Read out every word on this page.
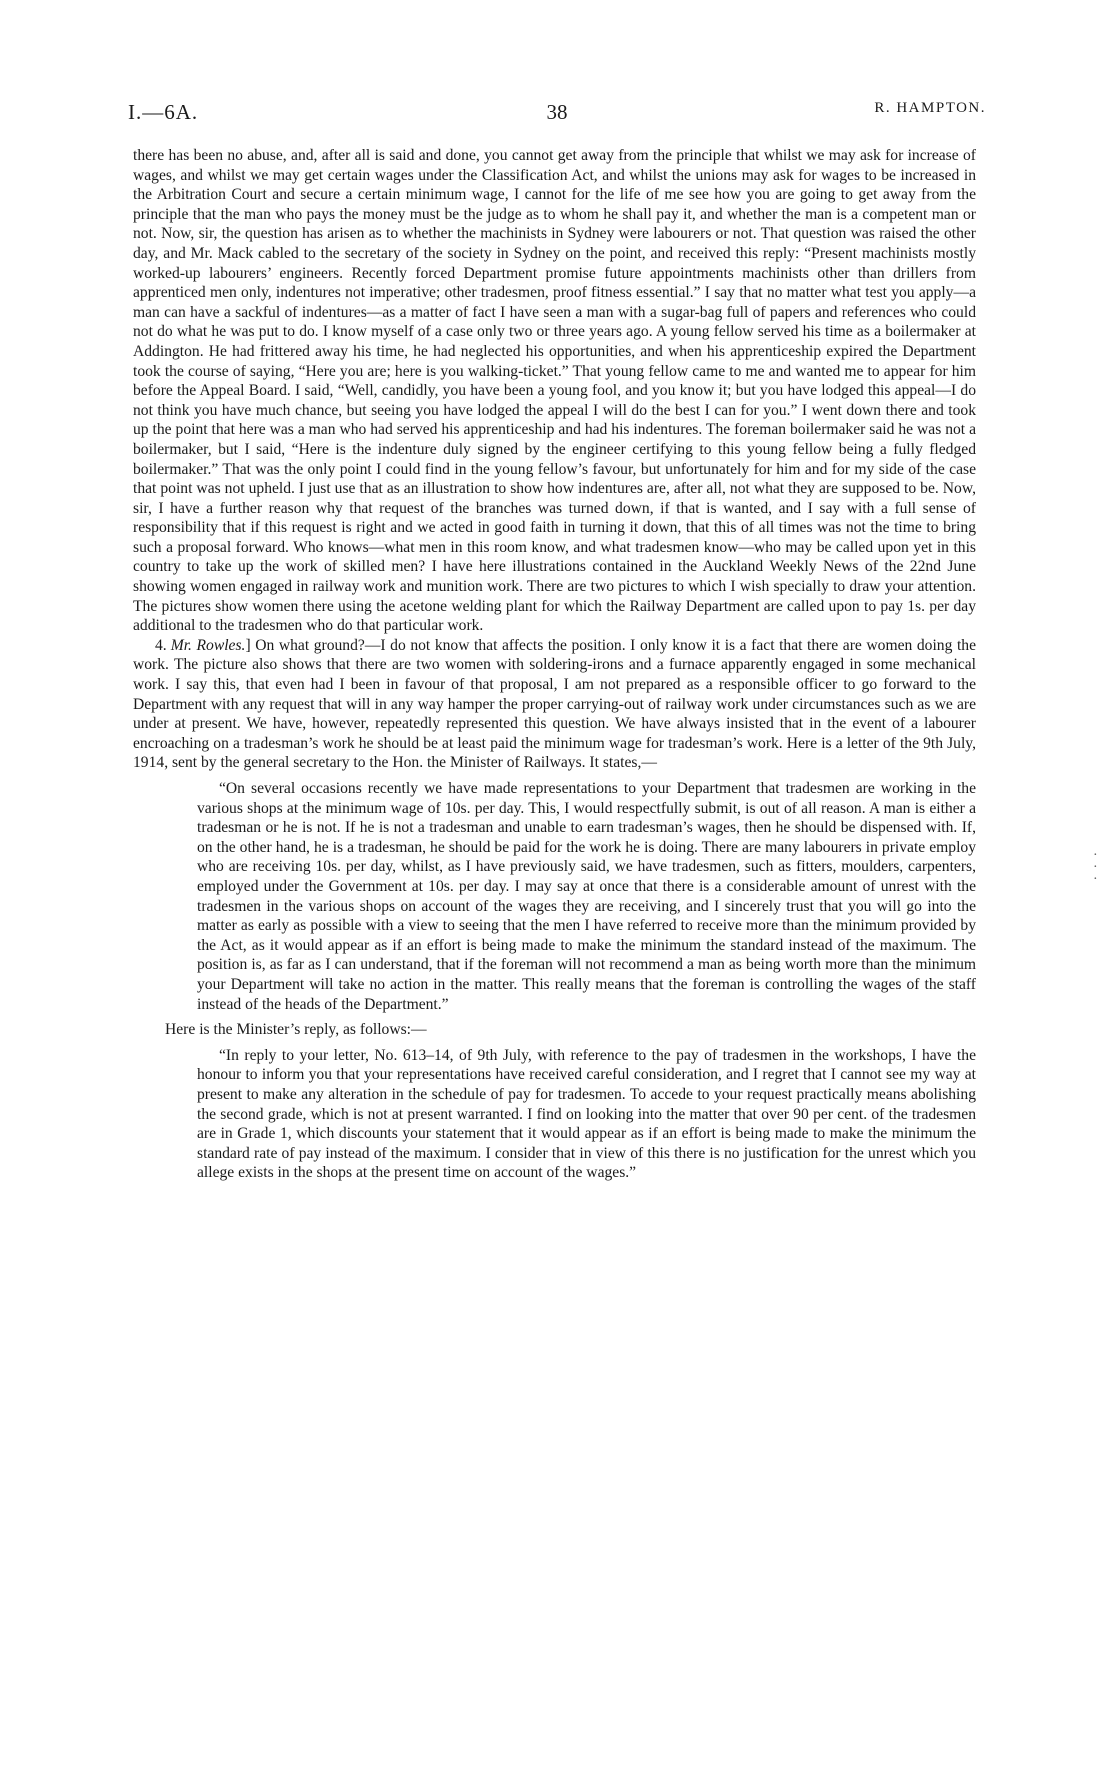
I.—6A.	38	R. HAMPTON.

there has been no abuse, and, after all is said and done, you cannot get away from the principle that whilst we may ask for increase of wages, and whilst we may get certain wages under the Classification Act, and whilst the unions may ask for wages to be increased in the Arbitration Court and secure a certain minimum wage, I cannot for the life of me see how you are going to get away from the principle that the man who pays the money must be the judge as to whom he shall pay it, and whether the man is a competent man or not. Now, sir, the question has arisen as to whether the machinists in Sydney were labourers or not. That question was raised the other day, and Mr. Mack cabled to the secretary of the society in Sydney on the point, and received this reply: “Present machinists mostly worked-up labourers’ engineers. Recently forced Department promise future appointments machinists other than drillers from apprenticed men only, indentures not imperative; other tradesmen, proof fitness essential.” I say that no matter what test you apply—a man can have a sackful of indentures—as a matter of fact I have seen a man with a sugar-bag full of papers and references who could not do what he was put to do. I know myself of a case only two or three years ago. A young fellow served his time as a boilermaker at Addington. He had frittered away his time, he had neglected his opportunities, and when his apprenticeship expired the Department took the course of saying, “Here you are; here is you walking-ticket.” That young fellow came to me and wanted me to appear for him before the Appeal Board. I said, “Well, candidly, you have been a young fool, and you know it; but you have lodged this appeal—I do not think you have much chance, but seeing you have lodged the appeal I will do the best I can for you.” I went down there and took up the point that here was a man who had served his apprenticeship and had his indentures. The foreman boilermaker said he was not a boilermaker, but I said, “Here is the indenture duly signed by the engineer certifying to this young fellow being a fully fledged boilermaker.” That was the only point I could find in the young fellow’s favour, but unfortunately for him and for my side of the case that point was not upheld. I just use that as an illustration to show how indentures are, after all, not what they are supposed to be. Now, sir, I have a further reason why that request of the branches was turned down, if that is wanted, and I say with a full sense of responsibility that if this request is right and we acted in good faith in turning it down, that this of all times was not the time to bring such a proposal forward. Who knows—what men in this room know, and what tradesmen know—who may be called upon yet in this country to take up the work of skilled men? I have here illustrations contained in the Auckland Weekly News of the 22nd June showing women engaged in railway work and munition work. There are two pictures to which I wish specially to draw your attention. The pictures show women there using the acetone welding plant for which the Railway Department are called upon to pay 1s. per day additional to the tradesmen who do that particular work.

4. Mr. Rowles.] On what ground?—I do not know that affects the position. I only know it is a fact that there are women doing the work. The picture also shows that there are two women with soldering-irons and a furnace apparently engaged in some mechanical work. I say this, that even had I been in favour of that proposal, I am not prepared as a responsible officer to go forward to the Department with any request that will in any way hamper the proper carrying-out of railway work under circumstances such as we are under at present. We have, however, repeatedly represented this question. We have always insisted that in the event of a labourer encroaching on a tradesman’s work he should be at least paid the minimum wage for tradesman’s work. Here is a letter of the 9th July, 1914, sent by the general secretary to the Hon. the Minister of Railways. It states,—

“On several occasions recently we have made representations to your Department that tradesmen are working in the various shops at the minimum wage of 10s. per day. This, I would respectfully submit, is out of all reason. A man is either a tradesman or he is not. If he is not a tradesman and unable to earn tradesman’s wages, then he should be dispensed with. If, on the other hand, he is a tradesman, he should be paid for the work he is doing. There are many labourers in private employ who are receiving 10s. per day, whilst, as I have previously said, we have tradesmen, such as fitters, moulders, carpenters, employed under the Government at 10s. per day. I may say at once that there is a considerable amount of unrest with the tradesmen in the various shops on account of the wages they are receiving, and I sincerely trust that you will go into the matter as early as possible with a view to seeing that the men I have referred to receive more than the minimum provided by the Act, as it would appear as if an effort is being made to make the minimum the standard instead of the maximum. The position is, as far as I can understand, that if the foreman will not recommend a man as being worth more than the minimum your Department will take no action in the matter. This really means that the foreman is controlling the wages of the staff instead of the heads of the Department.”

Here is the Minister’s reply, as follows:—

“In reply to your letter, No. 613–14, of 9th July, with reference to the pay of tradesmen in the workshops, I have the honour to inform you that your representations have received careful consideration, and I regret that I cannot see my way at present to make any alteration in the schedule of pay for tradesmen. To accede to your request practically means abolishing the second grade, which is not at present warranted. I find on looking into the matter that over 90 per cent. of the tradesmen are in Grade 1, which discounts your statement that it would appear as if an effort is being made to make the minimum the standard rate of pay instead of the maximum. I consider that in view of this there is no justification for the unrest which you allege exists in the shops at the present time on account of the wages.”

·
·
·
